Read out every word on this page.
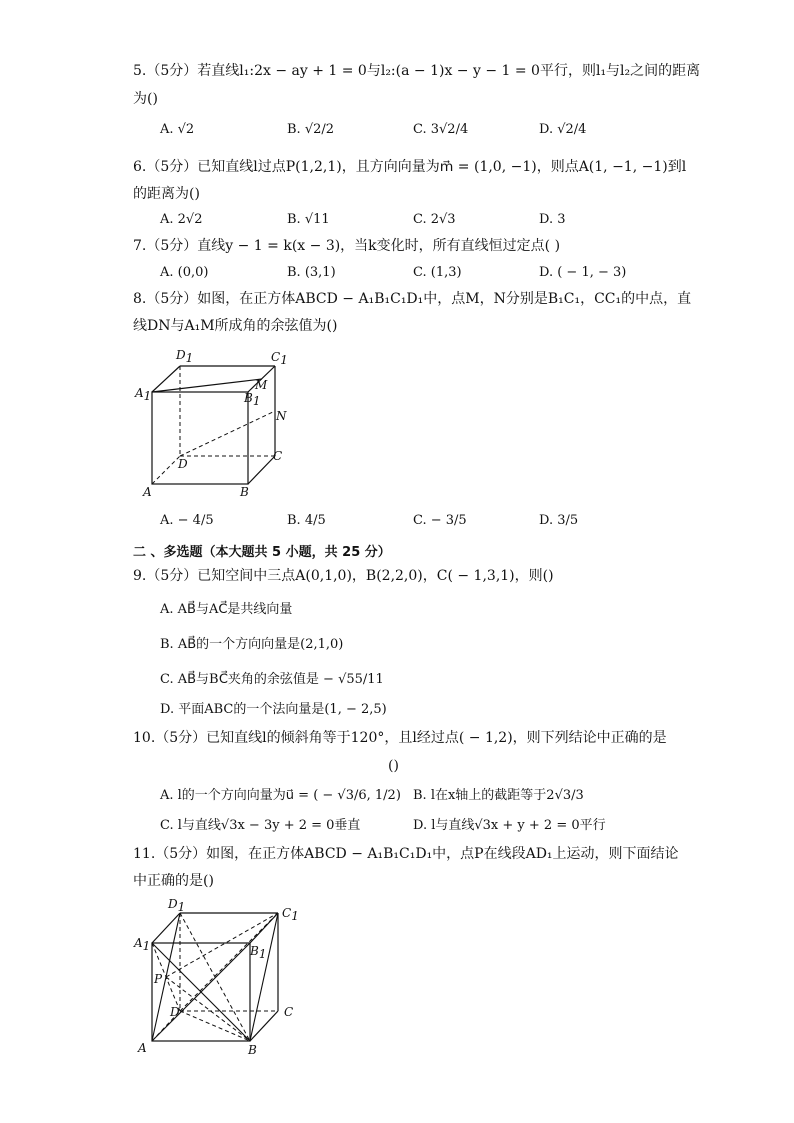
5.（5分）若直线l₁:2x − ay + 1 = 0与l₂:(a − 1)x − y − 1 = 0平行，则l₁与l₂之间的距离
为()
A. √2	B. √2/2	C. 3√2/4	D. √2/4
6.（5分）已知直线l过点P(1,2,1)，且方向向量为m⃗ = (1,0, −1)，则点A(1, −1, −1)到l
的距离为()
A. 2√2	B. √11	C. 2√3	D. 3
7.（5分）直线y − 1 = k(x − 3)，当k变化时，所有直线恒过定点( )
A. (0,0)	B. (3,1)	C. (1,3)	D. ( − 1, − 3)
8.（5分）如图，在正方体ABCD − A₁B₁C₁D₁中，点M，N分别是B₁C₁，CC₁的中点，直
线DN与A₁M所成角的余弦值为()
D1	C1
A1	B1
M
N
D
C
A	B
A. − 4/5	B. 4/5	C. − 3/5	D. 3/5
二 、多选题（本大题共 5 小题，共 25 分）
9.（5分）已知空间中三点A(0,1,0)，B(2,2,0)，C( − 1,3,1)，则()
A. AB⃗与AC⃗是共线向量
B. AB⃗的一个方向向量是(2,1,0)
C. AB⃗与BC⃗夹角的余弦值是 − √55/11
D. 平面ABC的一个法向量是(1, − 2,5)
10.（5分）已知直线l的倾斜角等于120°，且l经过点( − 1,2)，则下列结论中正确的是
()
A. l的一个方向向量为u⃗ = ( − √3/6, 1/2) B. l在x轴上的截距等于2√3/3
C. l与直线√3x − 3y + 2 = 0垂直	D. l与直线√3x + y + 2 = 0平行
11.（5分）如图，在正方体ABCD − A₁B₁C₁D₁中，点P在线段AD₁上运动，则下面结论
中正确的是()
D1	C1
A1	B1
P
D	C
A	B
